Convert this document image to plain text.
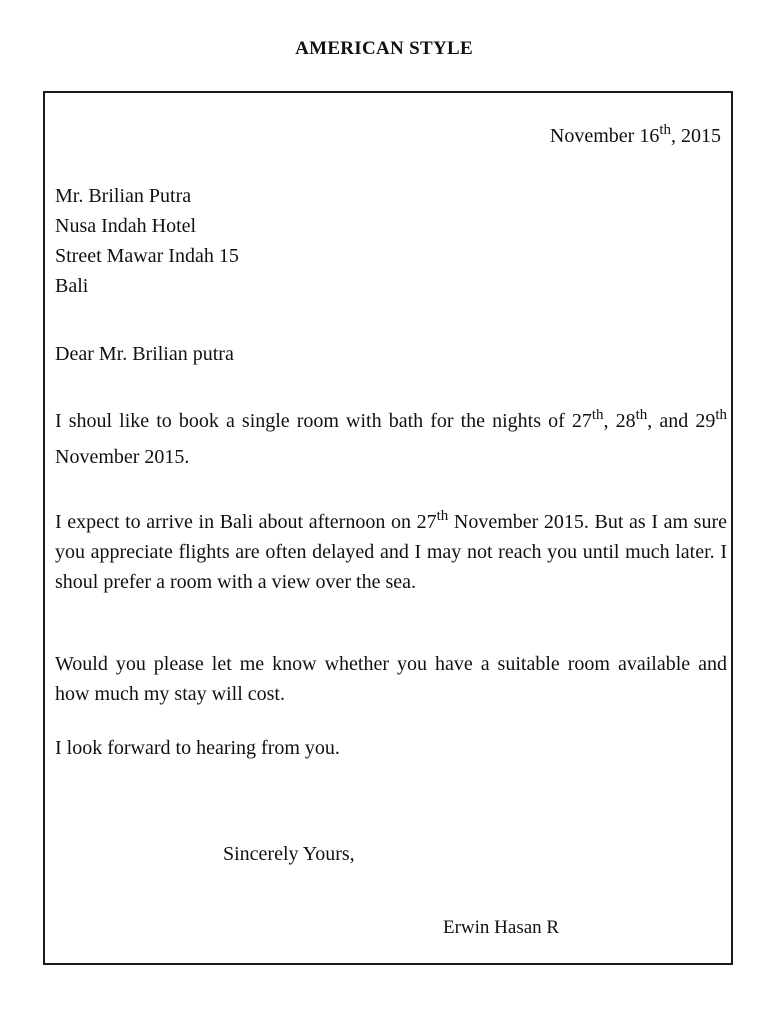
AMERICAN STYLE
November 16th, 2015
Mr. Brilian Putra
Nusa Indah Hotel
Street Mawar Indah 15
Bali
Dear Mr. Brilian putra
I shoul like to book a single room with bath for the nights of 27th, 28th, and 29th November 2015.
I expect to arrive in Bali about afternoon on 27th November 2015. But as I am sure you appreciate flights are often delayed and I may not reach you until much later. I shoul prefer a room with a view over the sea.
Would you please let me know whether you have a suitable room available and how much my stay will cost.
I look forward to hearing from you.
Sincerely Yours,
Erwin Hasan R
